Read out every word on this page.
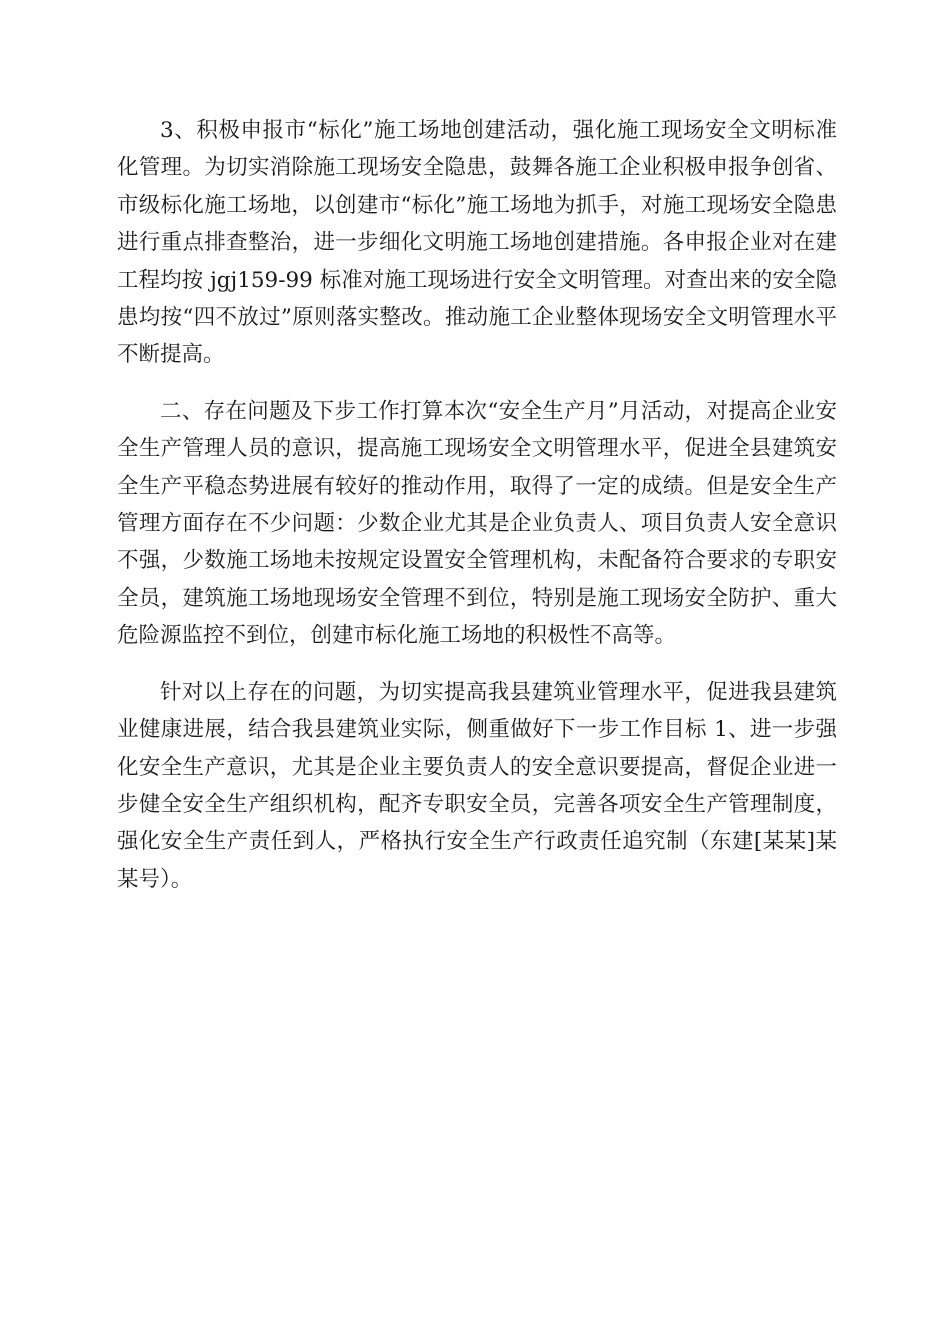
3、积极申报市“标化”施工场地创建活动，强化施工现场安全文明标准化管理。为切实消除施工现场安全隐患，鼓舞各施工企业积极申报争创省、市级标化施工场地，以创建市“标化”施工场地为抓手，对施工现场安全隐患进行重点排查整治，进一步细化文明施工场地创建措施。各申报企业对在建工程均按 jgj159-99 标准对施工现场进行安全文明管理。对查出来的安全隐患均按“四不放过”原则落实整改。推动施工企业整体现场安全文明管理水平不断提高。

二、存在问题及下步工作打算本次“安全生产月”月活动，对提高企业安全生产管理人员的意识，提高施工现场安全文明管理水平，促进全县建筑安全生产平稳态势进展有较好的推动作用，取得了一定的成绩。但是安全生产管理方面存在不少问题：少数企业尤其是企业负责人、项目负责人安全意识不强，少数施工场地未按规定设置安全管理机构，未配备符合要求的专职安全员，建筑施工场地现场安全管理不到位，特别是施工现场安全防护、重大危险源监控不到位，创建市标化施工场地的积极性不高等。

针对以上存在的问题，为切实提高我县建筑业管理水平，促进我县建筑业健康进展，结合我县建筑业实际，侧重做好下一步工作目标 1、进一步强化安全生产意识，尤其是企业主要负责人的安全意识要提高，督促企业进一步健全安全生产组织机构，配齐专职安全员，完善各项安全生产管理制度，强化安全生产责任到人，严格执行安全生产行政责任追究制（东建[某某]某某号）。
